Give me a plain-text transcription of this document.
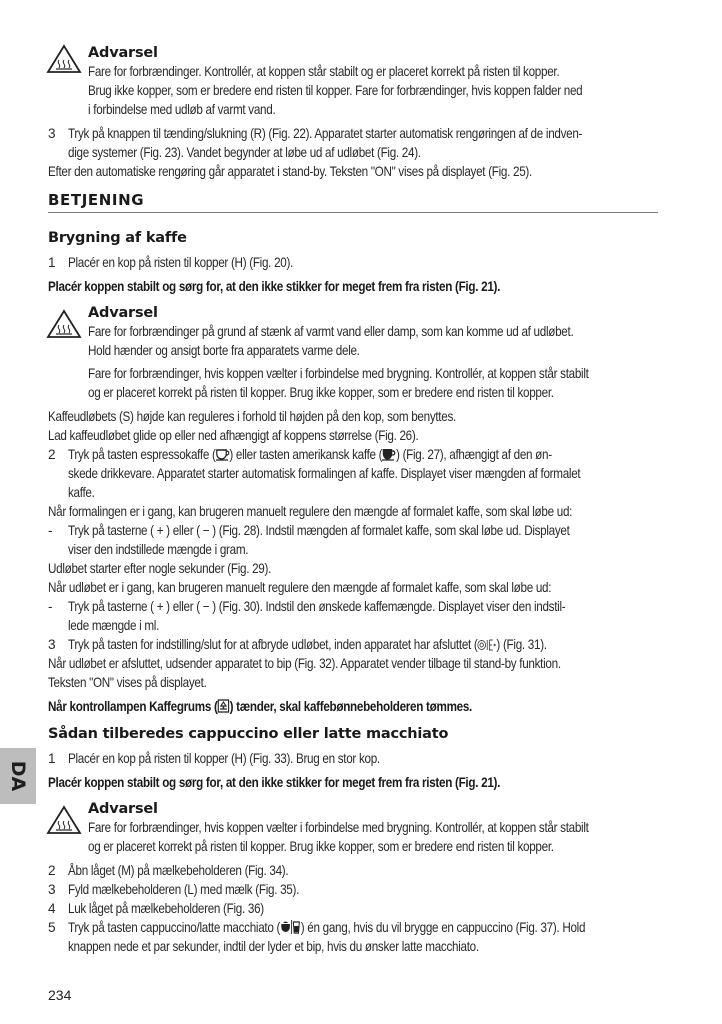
Advarsel
Fare for forbrændinger. Kontrollér, at koppen står stabilt og er placeret korrekt på risten til kopper.
Brug ikke kopper, som er bredere end risten til kopper. Fare for forbrændinger, hvis koppen falder ned
i forbindelse med udløb af varmt vand.
3 Tryk på knappen til tænding/slukning (R) (Fig. 22). Apparatet starter automatisk rengøringen af de indven-
dige systemer (Fig. 23). Vandet begynder at løbe ud af udløbet (Fig. 24).
Efter den automatiske rengøring går apparatet i stand-by. Teksten "ON" vises på displayet (Fig. 25).
BETJENING
Brygning af kaffe
1 Placér en kop på risten til kopper (H) (Fig. 20).
Placér koppen stabilt og sørg for, at den ikke stikker for meget frem fra risten (Fig. 21).
Advarsel
Fare for forbrændinger på grund af stænk af varmt vand eller damp, som kan komme ud af udløbet.
Hold hænder og ansigt borte fra apparatets varme dele.
Fare for forbrændinger, hvis koppen vælter i forbindelse med brygning. Kontrollér, at koppen står stabilt
og er placeret korrekt på risten til kopper. Brug ikke kopper, som er bredere end risten til kopper.
Kaffeudløbets (S) højde kan reguleres i forhold til højden på den kop, som benyttes.
Lad kaffeudløbet glide op eller ned afhængigt af koppens størrelse (Fig. 26).
2 Tryk på tasten espressokaffe ( ) eller tasten amerikansk kaffe ( ) (Fig. 27), afhængigt af den øn-
skede drikkevare. Apparatet starter automatisk formalingen af kaffe. Displayet viser mængden af formalet
kaffe.
Når formalingen er i gang, kan brugeren manuelt regulere den mængde af formalet kaffe, som skal løbe ud:
- Tryk på tasterne ( + ) eller ( − ) (Fig. 28). Indstil mængden af formalet kaffe, som skal løbe ud. Displayet
viser den indstillede mængde i gram.
Udløbet starter efter nogle sekunder (Fig. 29).
Når udløbet er i gang, kan brugeren manuelt regulere den mængde af formalet kaffe, som skal løbe ud:
- Tryk på tasterne ( + ) eller ( − ) (Fig. 30). Indstil den ønskede kaffemængde. Displayet viser den indstil-
lede mængde i ml.
3 Tryk på tasten for indstilling/slut for at afbryde udløbet, inden apparatet har afsluttet ( ) (Fig. 31).
Når udløbet er afsluttet, udsender apparatet to bip (Fig. 32). Apparatet vender tilbage til stand-by funktion.
Teksten "ON" vises på displayet.
Når kontrollampen Kaffegrums ( ) tænder, skal kaffebønnebeholderen tømmes.
Sådan tilberedes cappuccino eller latte macchiato
1 Placér en kop på risten til kopper (H) (Fig. 33). Brug en stor kop.
Placér koppen stabilt og sørg for, at den ikke stikker for meget frem fra risten (Fig. 21).
Advarsel
Fare for forbrændinger, hvis koppen vælter i forbindelse med brygning. Kontrollér, at koppen står stabilt
og er placeret korrekt på risten til kopper. Brug ikke kopper, som er bredere end risten til kopper.
2 Åbn låget (M) på mælkebeholderen (Fig. 34).
3 Fyld mælkebeholderen (L) med mælk (Fig. 35).
4 Luk låget på mælkebeholderen (Fig. 36)
5 Tryk på tasten cappuccino/latte macchiato ( ) én gang, hvis du vil brygge en cappuccino (Fig. 37). Hold
knappen nede et par sekunder, indtil der lyder et bip, hvis du ønsker latte macchiato.
DA
234
